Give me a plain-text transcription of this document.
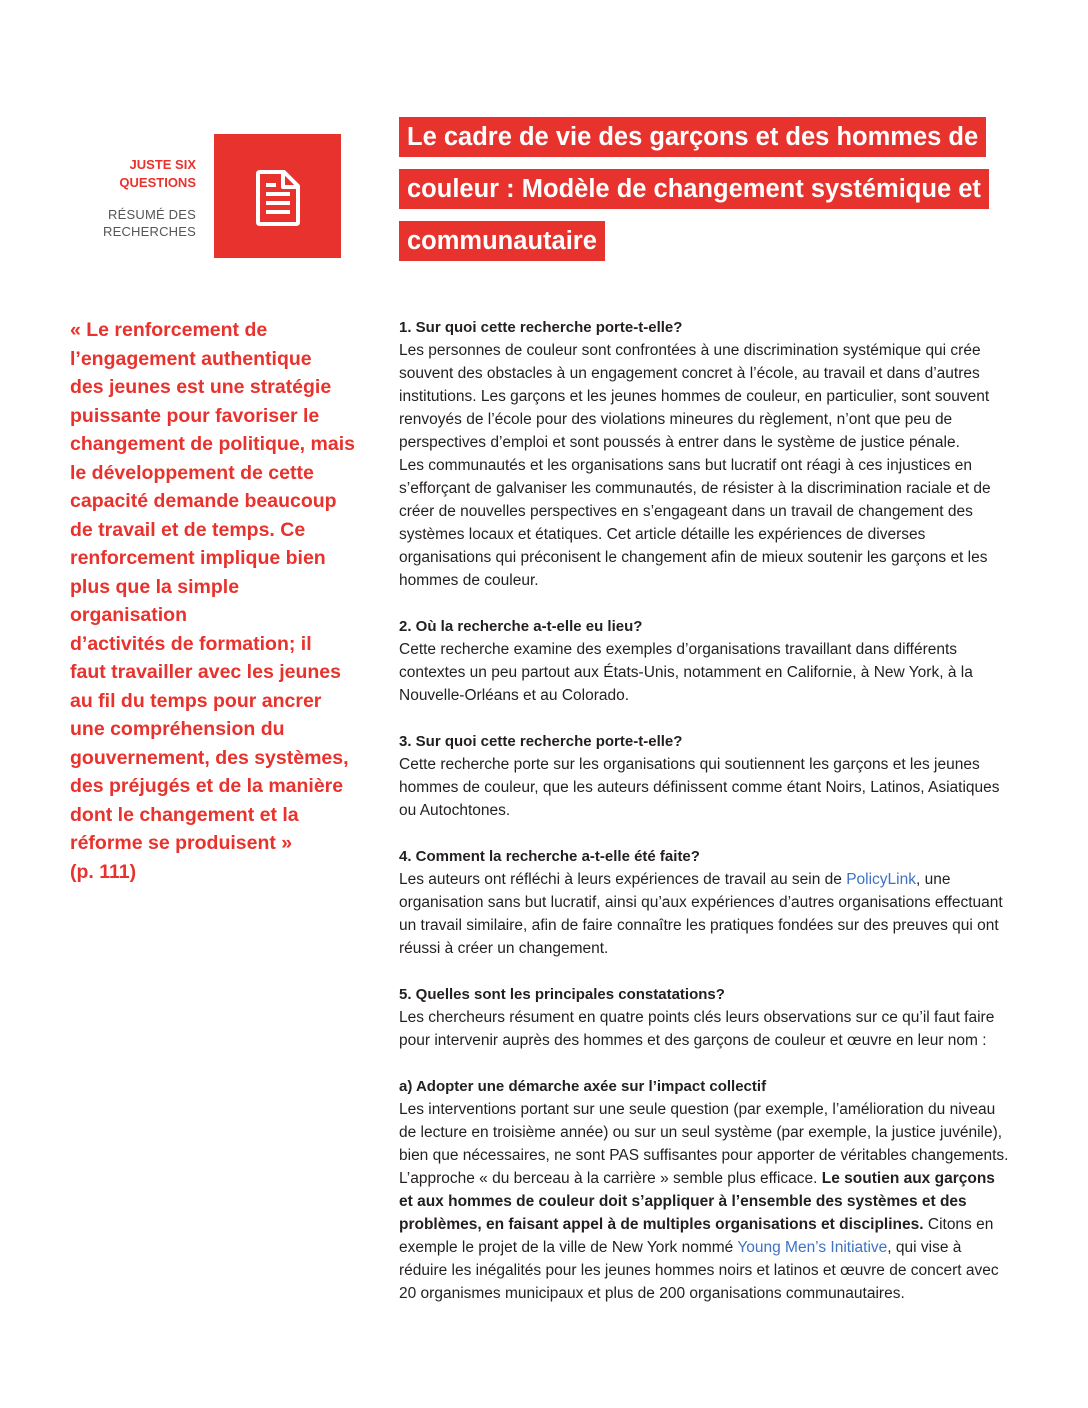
JUSTE SIX
QUESTIONS
RÉSUMÉ DES
RECHERCHES
Le cadre de vie des garçons et des hommes de
couleur : Modèle de changement systémique et
communautaire

« Le renforcement de
l’engagement authentique
des jeunes est une stratégie
puissante pour favoriser le
changement de politique, mais
le développement de cette
capacité demande beaucoup
de travail et de temps. Ce
renforcement implique bien
plus que la simple organisation
d’activités de formation; il
faut travailler avec les jeunes
au fil du temps pour ancrer
une compréhension du
gouvernement, des systèmes,
des préjugés et de la manière
dont le changement et la
réforme se produisent »
(p. 111)

1. Sur quoi cette recherche porte-t-elle?

Les personnes de couleur sont confrontées à une discrimination systémique qui crée souvent des obstacles à un engagement concret à l’école, au travail et dans d’autres institutions. Les garçons et les jeunes hommes de couleur, en particulier, sont souvent renvoyés de l’école pour des violations mineures du règlement, n’ont que peu de perspectives d’emploi et sont poussés à entrer dans le système de justice pénale.

Les communautés et les organisations sans but lucratif ont réagi à ces injustices en s’efforçant de galvaniser les communautés, de résister à la discrimination raciale et de créer de nouvelles perspectives en s’engageant dans un travail de changement des systèmes locaux et étatiques. Cet article détaille les expériences de diverses organisations qui préconisent le changement afin de mieux soutenir les garçons et les hommes de couleur.

2. Où la recherche a-t-elle eu lieu?

Cette recherche examine des exemples d’organisations travaillant dans différents contextes un peu partout aux États-Unis, notamment en Californie, à New York, à la Nouvelle-Orléans et au Colorado.

3. Sur quoi cette recherche porte-t-elle?

Cette recherche porte sur les organisations qui soutiennent les garçons et les jeunes hommes de couleur, que les auteurs définissent comme étant Noirs, Latinos, Asiatiques ou Autochtones.

4. Comment la recherche a-t-elle été faite?

Les auteurs ont réfléchi à leurs expériences de travail au sein de PolicyLink, une organisation sans but lucratif, ainsi qu’aux expériences d’autres organisations effectuant un travail similaire, afin de faire connaître les pratiques fondées sur des preuves qui ont réussi à créer un changement.

5. Quelles sont les principales constatations?

Les chercheurs résument en quatre points clés leurs observations sur ce qu’il faut faire pour intervenir auprès des hommes et des garçons de couleur et œuvre en leur nom :

a) Adopter une démarche axée sur l’impact collectif

Les interventions portant sur une seule question (par exemple, l’amélioration du niveau de lecture en troisième année) ou sur un seul système (par exemple, la justice juvénile), bien que nécessaires, ne sont PAS suffisantes pour apporter de véritables changements. L’approche « du berceau à la carrière » semble plus efficace. Le soutien aux garçons et aux hommes de couleur doit s’appliquer à l’ensemble des systèmes et des problèmes, en faisant appel à de multiples organisations et disciplines. Citons en exemple le projet de la ville de New York nommé Young Men’s Initiative, qui vise à réduire les inégalités pour les jeunes hommes noirs et latinos et œuvre de concert avec 20 organismes municipaux et plus de 200 organisations communautaires.
